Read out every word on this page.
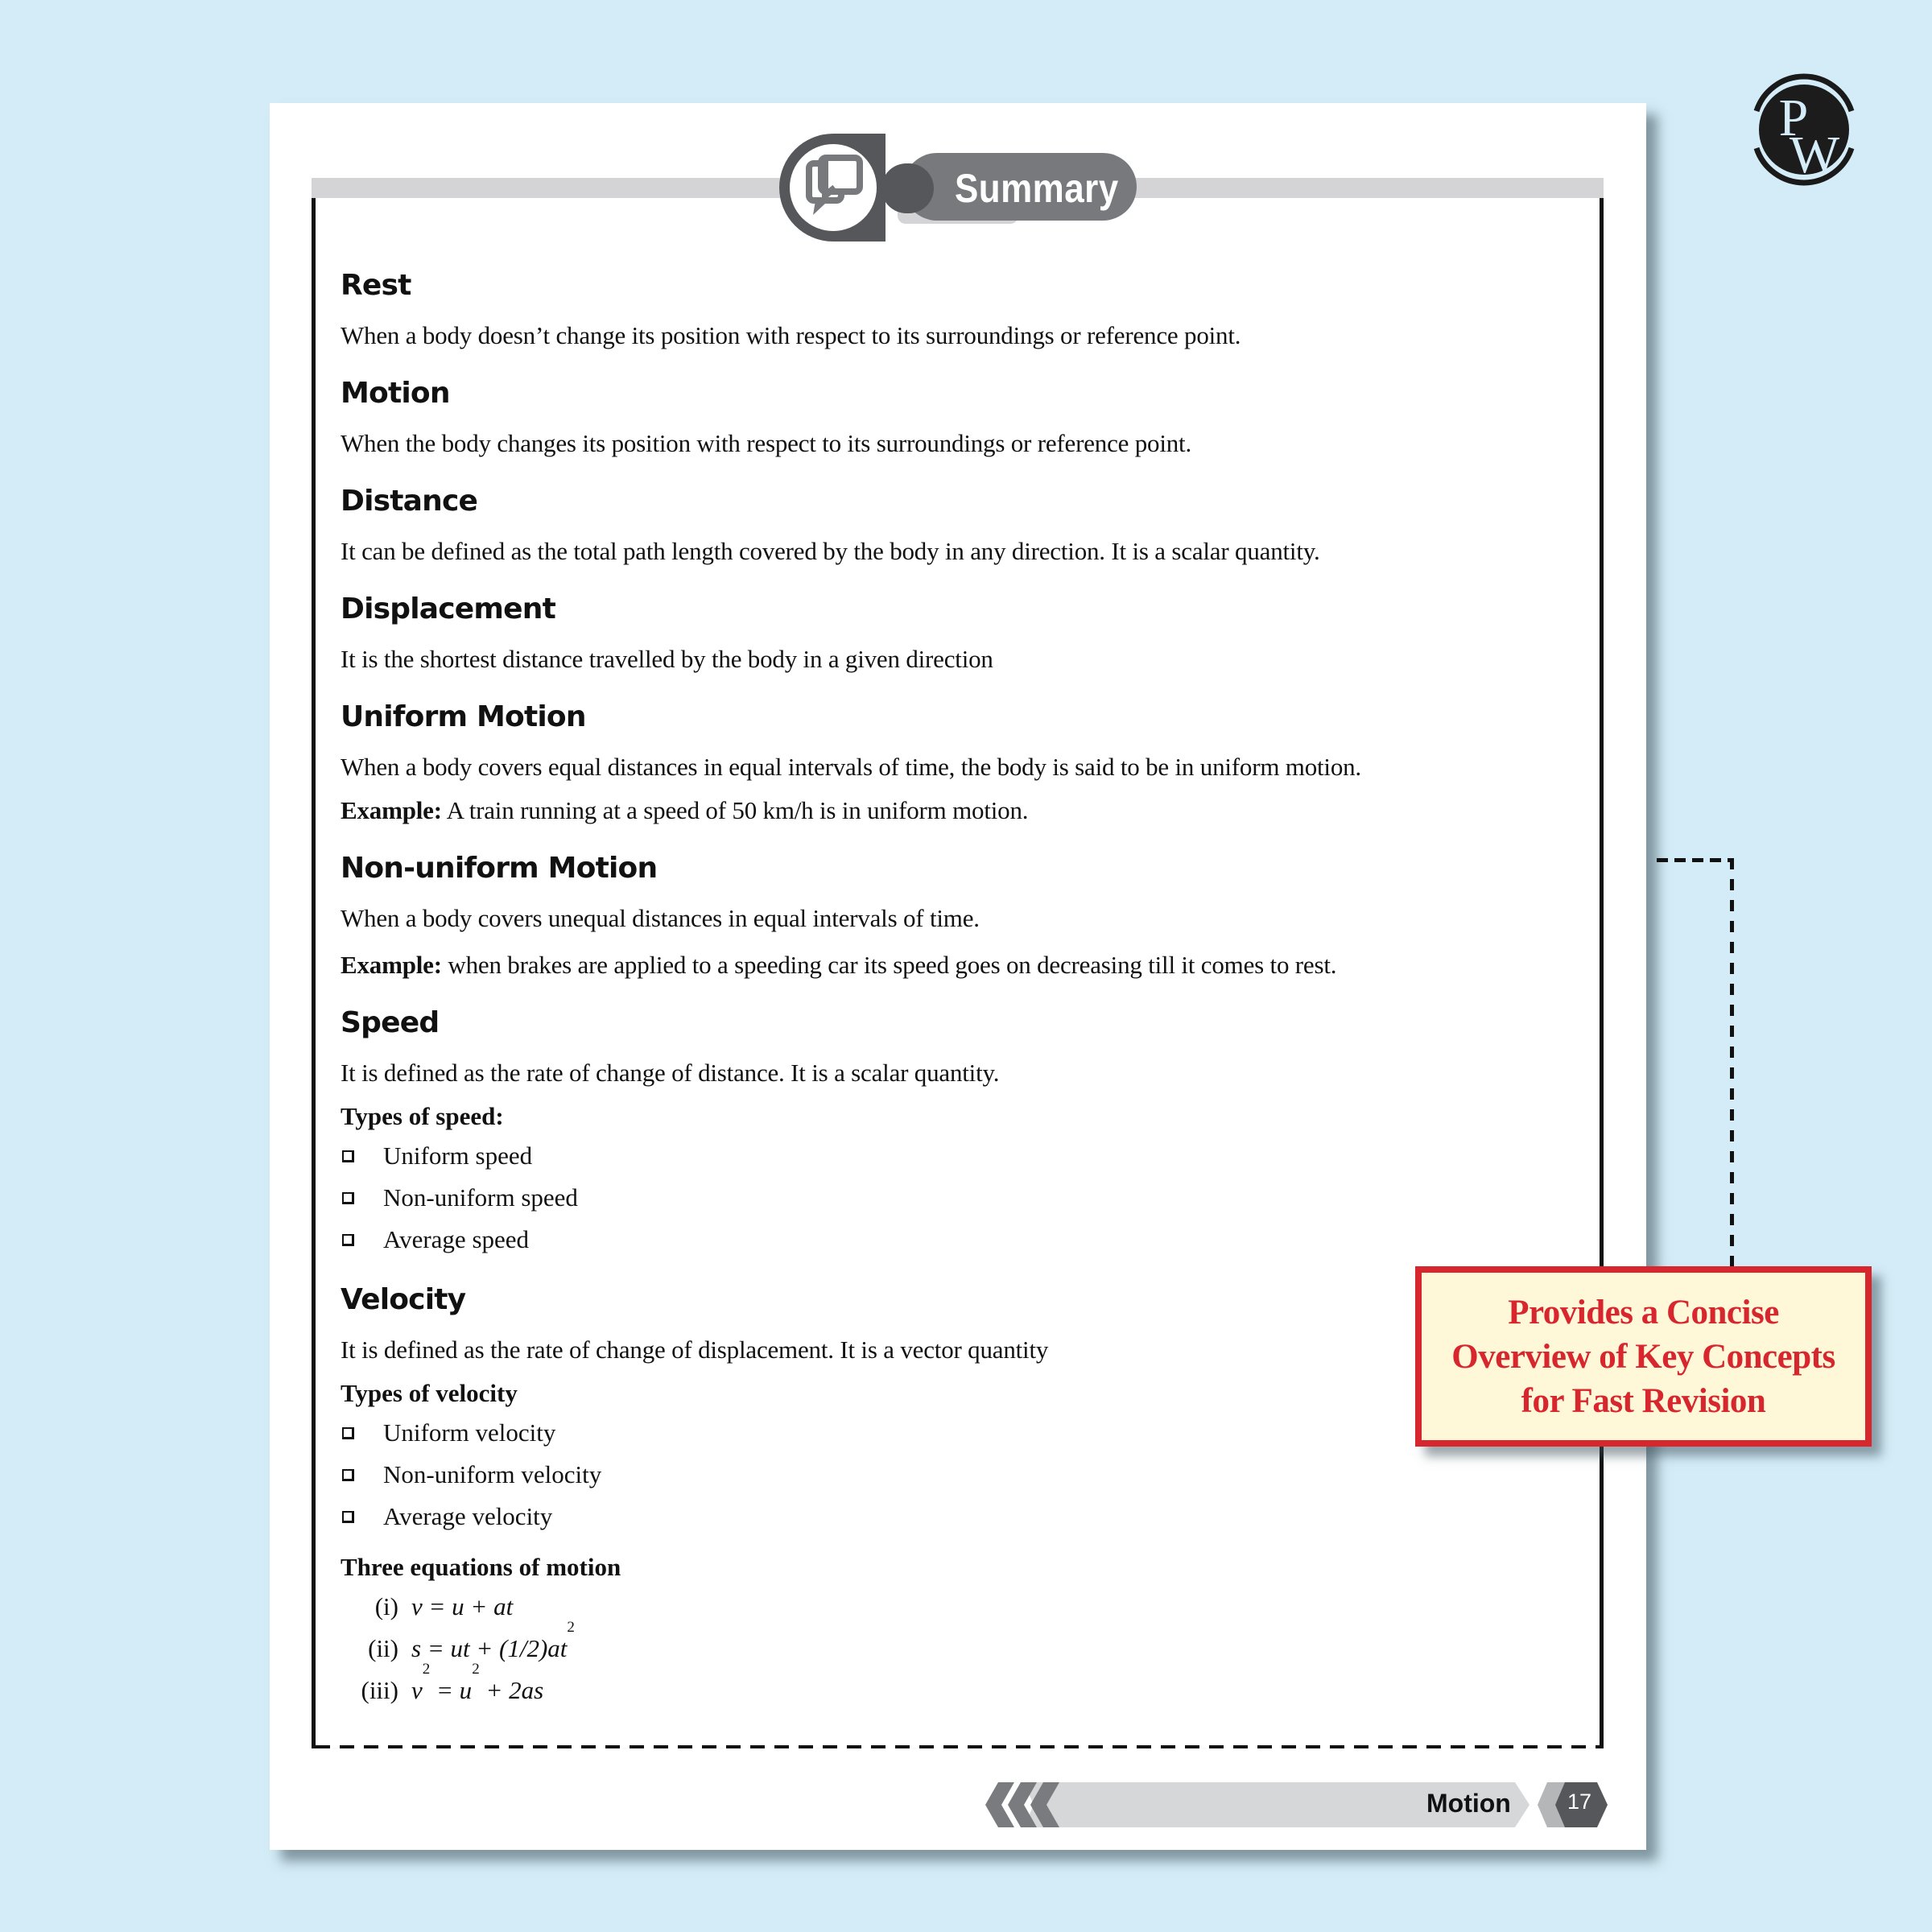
P
W
Summary
Rest
When a body doesn’t change its position with respect to its surroundings or reference point.
Motion
When the body changes its position with respect to its surroundings or reference point.
Distance
It can be defined as the total path length covered by the body in any direction. It is a scalar quantity.
Displacement
It is the shortest distance travelled by the body in a given direction
Uniform Motion
When a body covers equal distances in equal intervals of time, the body is said to be in uniform motion.
Example: A train running at a speed of 50 km/h is in uniform motion.
Non-uniform Motion
When a body covers unequal distances in equal intervals of time.
Example: when brakes are applied to a speeding car its speed goes on decreasing till it comes to rest.
Speed
It is defined as the rate of change of distance. It is a scalar quantity.
Types of speed:
Uniform speed
Non-uniform speed
Average speed
Velocity
It is defined as the rate of change of displacement. It is a vector quantity
Types of velocity
Uniform velocity
Non-uniform velocity
Average velocity
Three equations of motion
(i) v
= u + at
(ii) s = ut + (1/2)at
2
(iii) v
2
= u
2
+ 2as
Provides a Concise
Overview of Key Concepts
for Fast Revision
Motion	17
